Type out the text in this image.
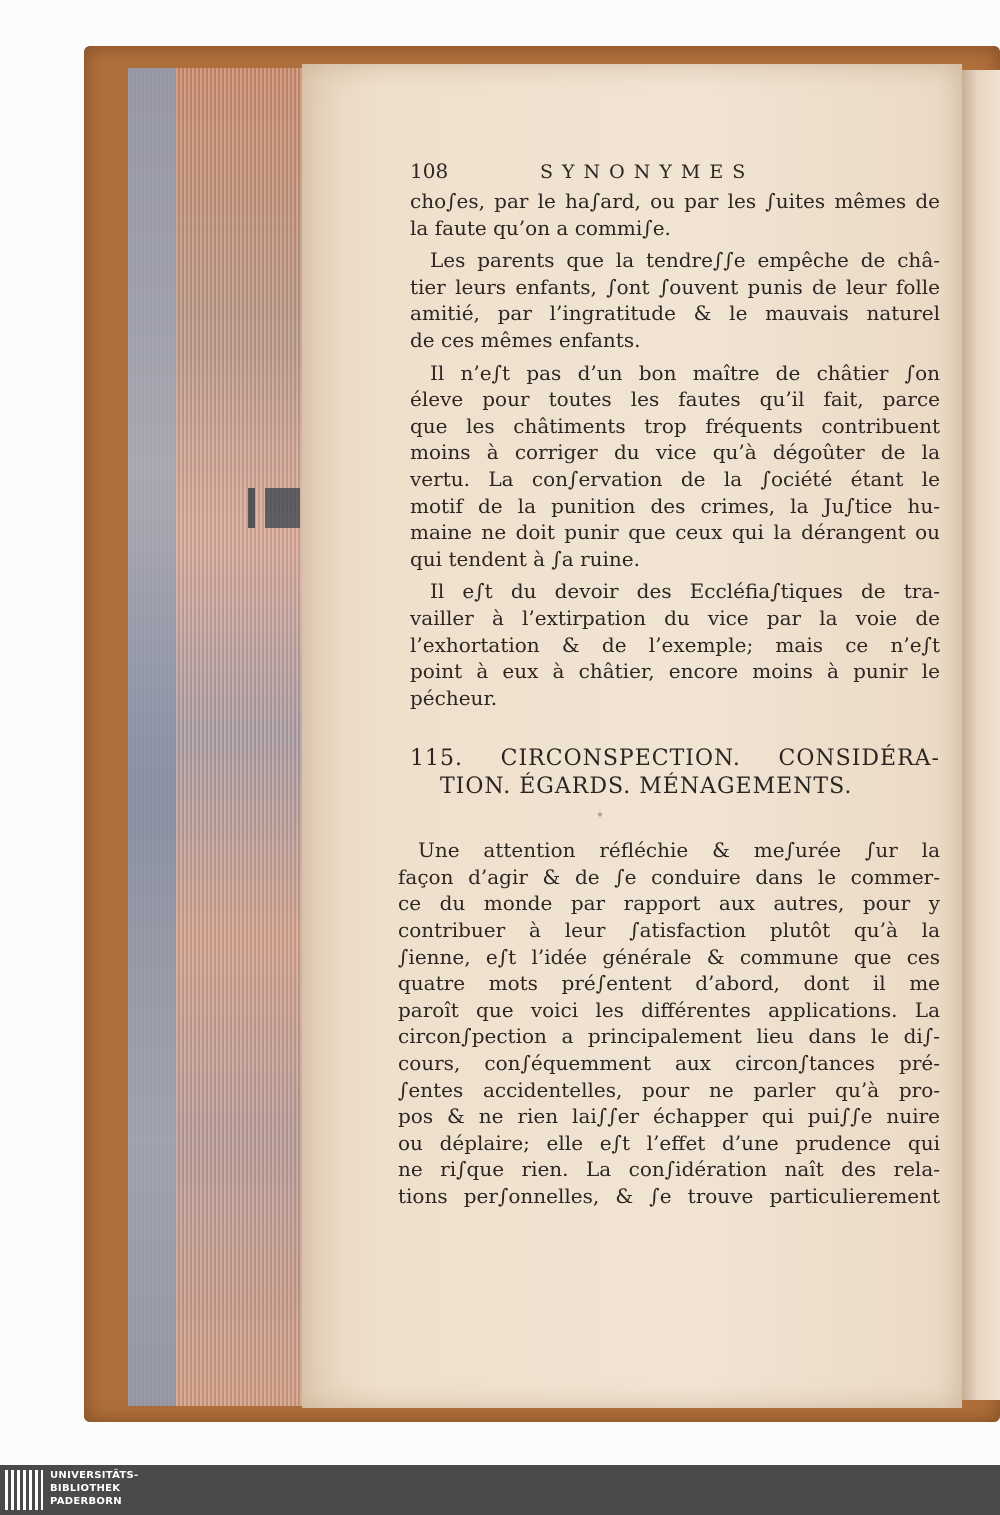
108	SYNONYMES
cho∫es, par le ha∫ard, ou par les ∫uites mêmes de
la faute qu’on a commi∫e.
Les parents que la tendre∫∫e empêche de châ-
tier leurs enfants, ∫ont ∫ouvent punis de leur folle
amitié, par l’ingratitude & le mauvais naturel
de ces mêmes enfants.
Il n’e∫t pas d’un bon maître de châtier ∫on
éleve pour toutes les fautes qu’il fait, parce
que les châtiments trop fréquents contribuent
moins à corriger du vice qu’à dégoûter de la
vertu. La con∫ervation de la ∫ociété étant le
motif de la punition des crimes, la Ju∫tice hu-
maine ne doit punir que ceux qui la dérangent ou
qui tendent à ∫a ruine.
Il e∫t du devoir des Eccléfia∫tiques de tra-
vailler à l’extirpation du vice par la voie de
l’exhortation & de l’exemple; mais ce n’e∫t
point à eux à châtier, encore moins à punir le
pécheur.
115. CIRCONSPECTION. CONSIDÉRA-
TION. ÉGARDS. MÉNAGEMENTS.
•
Une attention réfléchie & me∫urée ∫ur la
façon d’agir & de ∫e conduire dans le commer-
ce du monde par rapport aux autres, pour y
contribuer à leur ∫atisfaction plutôt qu’à la
∫ienne, e∫t l’idée générale & commune que ces
quatre mots pré∫entent d’abord, dont il me
paroît que voici les différentes applications. La
circon∫pection a principalement lieu dans le di∫-
cours, con∫équemment aux circon∫tances pré-
∫entes accidentelles, pour ne parler qu’à pro-
pos & ne rien lai∫∫er échapper qui pui∫∫e nuire
ou déplaire; elle e∫t l’effet d’une prudence qui
ne ri∫que rien. La con∫idération naît des rela-
tions per∫onnelles, & ∫e trouve particulierement
UNIVERSITÄTS-
BIBLIOTHEK
PADERBORN
